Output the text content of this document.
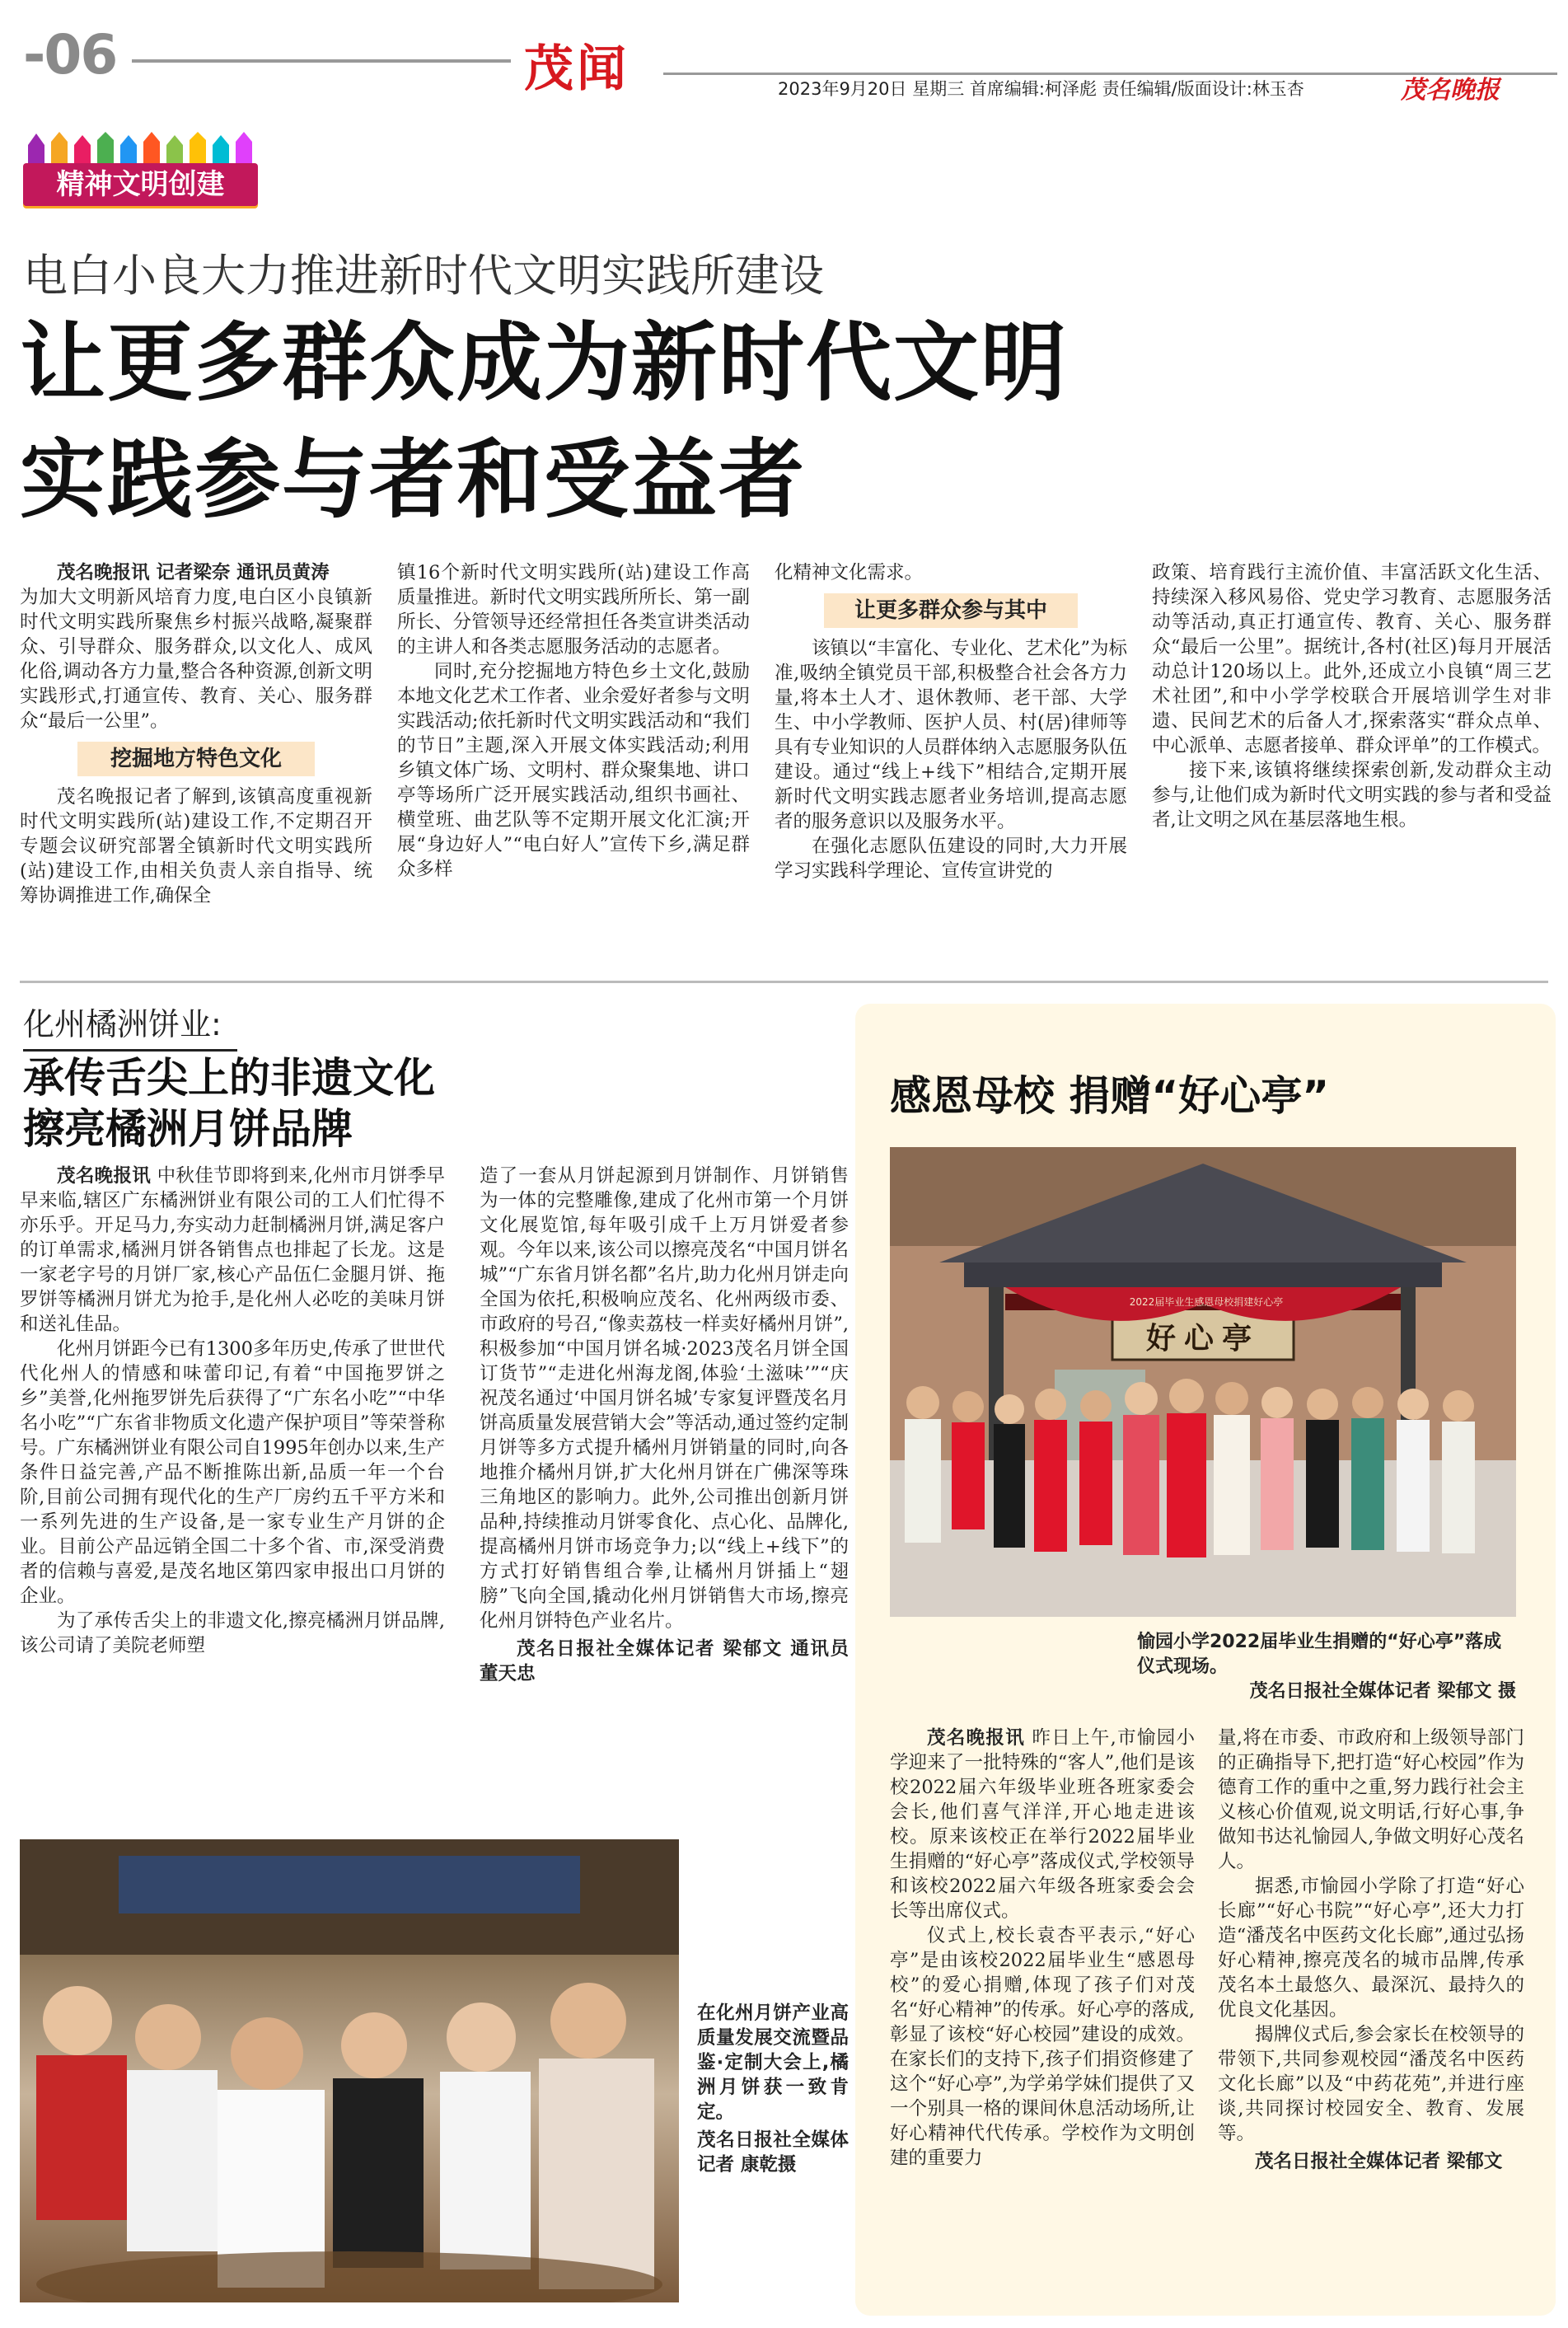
-06	茂闻	2023年9月20日 星期三 首席编辑:柯泽彪 责任编辑/版面设计:林玉杏	茂名晚报
精神文明创建
电白小良大力推进新时代文明实践所建设
让更多群众成为新时代文明
实践参与者和受益者

茂名晚报讯 记者梁奈 通讯员黄涛

为加大文明新风培育力度,电白区小良镇新时代文明实践所聚焦乡村振兴战略,凝聚群众、引导群众、服务群众,以文化人、成风化俗,调动各方力量,整合各种资源,创新文明实践形式,打通宣传、教育、关心、服务群众“最后一公里”。

挖掘地方特色文化

茂名晚报记者了解到,该镇高度重视新时代文明实践所(站)建设工作,不定期召开专题会议研究部署全镇新时代文明实践所(站)建设工作,由相关负责人亲自指导、统筹协调推进工作,确保全

镇16个新时代文明实践所(站)建设工作高质量推进。新时代文明实践所所长、第一副所长、分管领导还经常担任各类宣讲类活动的主讲人和各类志愿服务活动的志愿者。

同时,充分挖掘地方特色乡土文化,鼓励本地文化艺术工作者、业余爱好者参与文明实践活动;依托新时代文明实践活动和“我们的节日”主题,深入开展文体实践活动;利用乡镇文体广场、文明村、群众聚集地、讲口亭等场所广泛开展实践活动,组织书画社、横堂班、曲艺队等不定期开展文化汇演;开展“身边好人”“电白好人”宣传下乡,满足群众多样

化精神文化需求。

让更多群众参与其中

该镇以“丰富化、专业化、艺术化”为标准,吸纳全镇党员干部,积极整合社会各方力量,将本土人才、退休教师、老干部、大学生、中小学教师、医护人员、村(居)律师等具有专业知识的人员群体纳入志愿服务队伍建设。通过“线上+线下”相结合,定期开展新时代文明实践志愿者业务培训,提高志愿者的服务意识以及服务水平。

在强化志愿队伍建设的同时,大力开展学习实践科学理论、宣传宣讲党的

政策、培育践行主流价值、丰富活跃文化生活、持续深入移风易俗、党史学习教育、志愿服务活动等活动,真正打通宣传、教育、关心、服务群众“最后一公里”。据统计,各村(社区)每月开展活动总计120场以上。此外,还成立小良镇“周三艺术社团”,和中小学学校联合开展培训学生对非遗、民间艺术的后备人才,探索落实“群众点单、中心派单、志愿者接单、群众评单”的工作模式。

接下来,该镇将继续探索创新,发动群众主动参与,让他们成为新时代文明实践的参与者和受益者,让文明之风在基层落地生根。

化州橘洲饼业:
承传舌尖上的非遗文化
擦亮橘洲月饼品牌

茂名晚报讯 中秋佳节即将到来,化州市月饼季早早来临,辖区广东橘洲饼业有限公司的工人们忙得不亦乐乎。开足马力,夯实动力赶制橘洲月饼,满足客户的订单需求,橘洲月饼各销售点也排起了长龙。这是一家老字号的月饼厂家,核心产品伍仁金腿月饼、拖罗饼等橘洲月饼尤为抢手,是化州人必吃的美味月饼和送礼佳品。

化州月饼距今已有1300多年历史,传承了世世代代化州人的情感和味蕾印记,有着“中国拖罗饼之乡”美誉,化州拖罗饼先后获得了“广东名小吃”“中华名小吃”“广东省非物质文化遗产保护项目”等荣誉称号。广东橘洲饼业有限公司自1995年创办以来,生产条件日益完善,产品不断推陈出新,品质一年一个台阶,目前公司拥有现代化的生产厂房约五千平方米和一系列先进的生产设备,是一家专业生产月饼的企业。目前公产品远销全国二十多个省、市,深受消费者的信赖与喜爱,是茂名地区第四家申报出口月饼的企业。

为了承传舌尖上的非遗文化,擦亮橘洲月饼品牌,该公司请了美院老师塑

造了一套从月饼起源到月饼制作、月饼销售为一体的完整雕像,建成了化州市第一个月饼文化展览馆,每年吸引成千上万月饼爱者参观。今年以来,该公司以擦亮茂名“中国月饼名城”“广东省月饼名都”名片,助力化州月饼走向全国为依托,积极响应茂名、化州两级市委、市政府的号召,“像卖荔枝一样卖好橘州月饼”,积极参加“中国月饼名城·2023茂名月饼全国订货节”“走进化州海龙阁,体验‘土滋味’”“庆祝茂名通过‘中国月饼名城’专家复评暨茂名月饼高质量发展营销大会”等活动,通过签约定制月饼等多方式提升橘州月饼销量的同时,向各地推介橘州月饼,扩大化州月饼在广佛深等珠三角地区的影响力。此外,公司推出创新月饼品种,持续推动月饼零食化、点心化、品牌化,提高橘州月饼市场竞争力;以“线上+线下”的方式打好销售组合拳,让橘州月饼插上“翅膀”飞向全国,撬动化州月饼销售大市场,擦亮化州月饼特色产业名片。

茂名日报社全媒体记者 梁郁文 通讯员 董天忠

在化州月饼产业高质量发展交流暨品鉴·定制大会上,橘洲月饼获一致肯定。

茂名日报社全媒体记者 康乾摄

感恩母校 捐赠“好心亭”
2022届毕业生感恩母校捐建好心亭
好心亭
愉园小学2022届毕业生捐赠的“好心亭”落成仪式现场。
茂名日报社全媒体记者 梁郁文 摄

茂名晚报讯 昨日上午,市愉园小学迎来了一批特殊的“客人”,他们是该校2022届六年级毕业班各班家委会会长,他们喜气洋洋,开心地走进该校。原来该校正在举行2022届毕业生捐赠的“好心亭”落成仪式,学校领导和该校2022届六年级各班家委会会长等出席仪式。

仪式上,校长袁杏平表示,“好心亭”是由该校2022届毕业生“感恩母校”的爱心捐赠,体现了孩子们对茂名“好心精神”的传承。好心亭的落成,彰显了该校“好心校园”建设的成效。在家长们的支持下,孩子们捐资修建了这个“好心亭”,为学弟学妹们提供了又一个别具一格的课间休息活动场所,让好心精神代代传承。学校作为文明创建的重要力

量,将在市委、市政府和上级领导部门的正确指导下,把打造“好心校园”作为德育工作的重中之重,努力践行社会主义核心价值观,说文明话,行好心事,争做知书达礼愉园人,争做文明好心茂名人。

据悉,市愉园小学除了打造“好心长廊”“好心书院”“好心亭”,还大力打造“潘茂名中医药文化长廊”,通过弘扬好心精神,擦亮茂名的城市品牌,传承茂名本土最悠久、最深沉、最持久的优良文化基因。

揭牌仪式后,参会家长在校领导的带领下,共同参观校园“潘茂名中医药文化长廊”以及“中药花苑”,并进行座谈,共同探讨校园安全、教育、发展等。

茂名日报社全媒体记者 梁郁文
